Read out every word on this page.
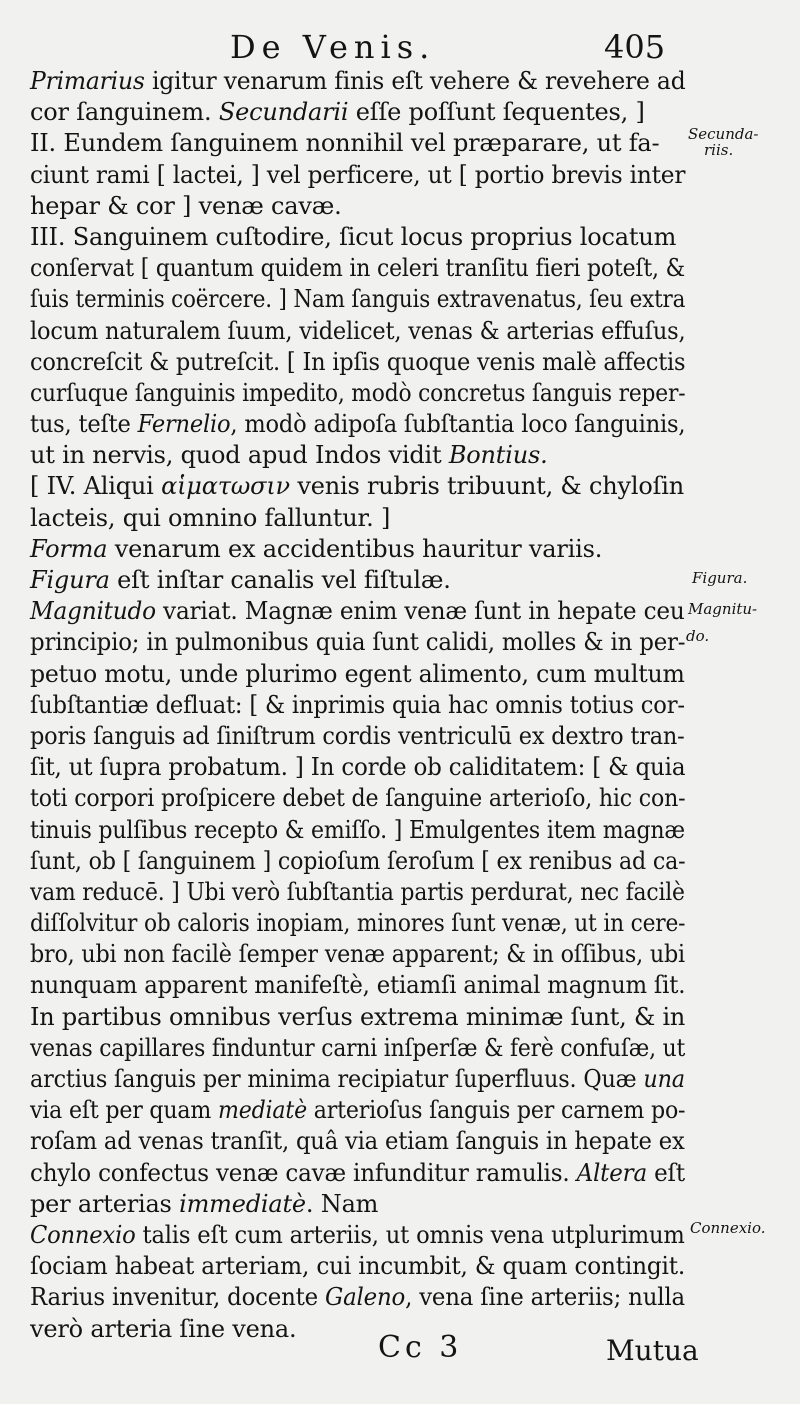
De Venis.	405
Primarius igitur venarum finis eſt vehere & revehere ad
cor ſanguinem. Secundarii eſſe poſſunt ſequentes, ]
II. Eundem ſanguinem nonnihil vel præparare, ut fa-
ciunt rami [ lactei, ] vel perficere, ut [ portio brevis inter
hepar & cor ] venæ cavæ.
III. Sanguinem cuſtodire, ſicut locus proprius locatum
conſervat [ quantum quidem in celeri tranſitu fieri poteſt, &
ſuis terminis coërcere. ] Nam ſanguis extravenatus, ſeu extra
locum naturalem ſuum, videlicet, venas & arterias effuſus,
concreſcit & putreſcit. [ In ipſis quoque venis malè affectis
curſuque ſanguinis impedito, modò concretus ſanguis reper-
tus, teſte Fernelio, modò adipoſa ſubſtantia loco ſanguinis,
ut in nervis, quod apud Indos vidit Bontius.
[ IV. Aliqui αἱματωσιν venis rubris tribuunt, & chyloſin
lacteis, qui omnino falluntur. ]
Forma venarum ex accidentibus hauritur variis.
Figura eſt inſtar canalis vel fiſtulæ.
Magnitudo variat. Magnæ enim venæ ſunt in hepate ceu
principio; in pulmonibus quia ſunt calidi, molles & in per-
petuo motu, unde plurimo egent alimento, cum multum
ſubſtantiæ defluat: [ & inprimis quia hac omnis totius cor-
poris ſanguis ad ſiniſtrum cordis ventriculū ex dextro tran-
ſit, ut ſupra probatum. ] In corde ob caliditatem: [ & quia
toti corpori proſpicere debet de ſanguine arterioſo, hic con-
tinuis pulſibus recepto & emiſſo. ] Emulgentes item magnæ
ſunt, ob [ ſanguinem ] copioſum ſeroſum [ ex renibus ad ca-
vam reducē. ] Ubi verò ſubſtantia partis perdurat, nec facilè
diſſolvitur ob caloris inopiam, minores ſunt venæ, ut in cere-
bro, ubi non facilè ſemper venæ apparent; & in oſſibus, ubi
nunquam apparent manifeſtè, etiamſi animal magnum ſit.
In partibus omnibus verſus extrema minimæ ſunt, & in
venas capillares finduntur carni inſperſæ & ferè confuſæ, ut
arctius ſanguis per minima recipiatur ſuperfluus. Quæ una
via eſt per quam mediatè arterioſus ſanguis per carnem po-
roſam ad venas tranſit, quâ via etiam ſanguis in hepate ex
chylo confectus venæ cavæ infunditur ramulis. Altera eſt
per arterias immediatè. Nam
Connexio talis eſt cum arteriis, ut omnis vena utplurimum
ſociam habeat arteriam, cui incumbit, & quam contingit.
Rarius invenitur, docente Galeno, vena ſine arteriis; nulla
verò arteria ſine vena.
Secunda-
riis.
Figura.
Magnitu-
do.
Connexio.
Cc 3	Mutua
